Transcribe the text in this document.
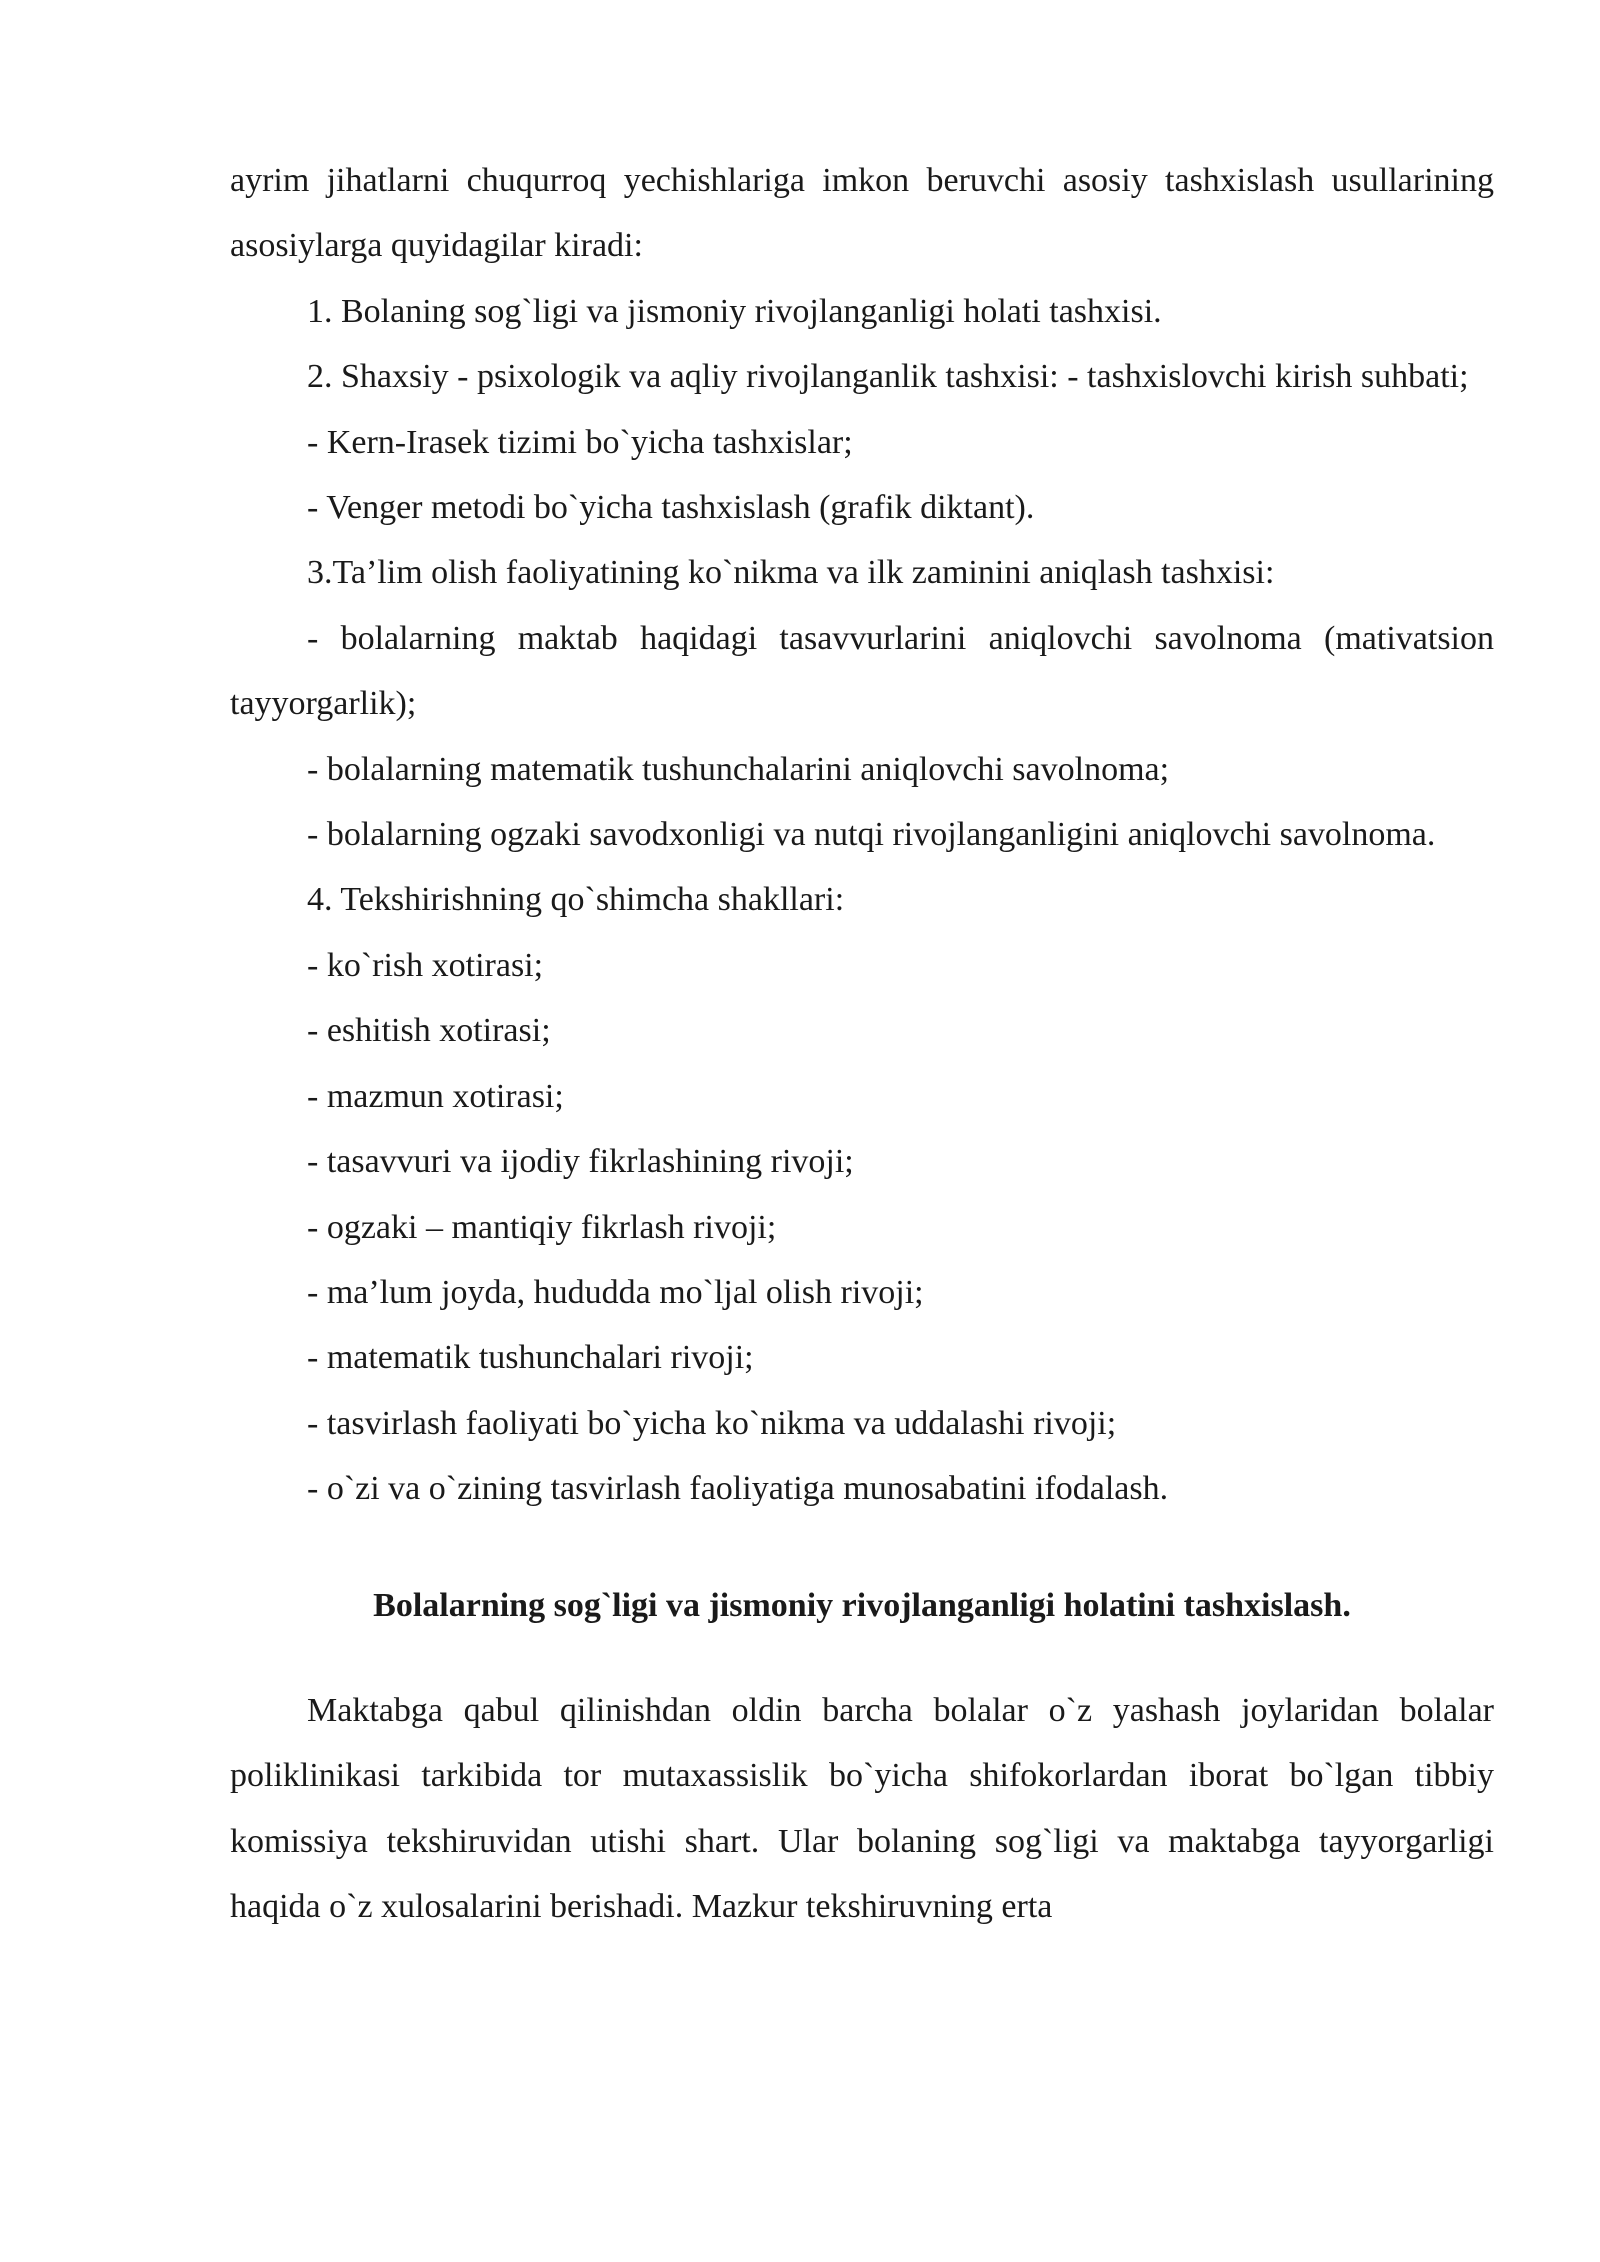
ayrim jihatlarni chuqurroq yechishlariga imkon beruvchi asosiy tashxislash usullarining asosiylarga quyidagilar kiradi:

1. Bolaning sog`ligi va jismoniy rivojlanganligi holati tashxisi.

2. Shaxsiy - psixologik va aqliy rivojlanganlik tashxisi: - tashxislovchi kirish suhbati;

- Kern-Irasek tizimi bo`yicha tashxislar;

- Venger metodi bo`yicha tashxislash (grafik diktant).

3.Ta’lim olish faoliyatining ko`nikma va ilk zaminini aniqlash tashxisi:

- bolalarning maktab haqidagi tasavvurlarini aniqlovchi savolnoma (mativatsion tayyorgarlik);

- bolalarning matematik tushunchalarini aniqlovchi savolnoma;

- bolalarning ogzaki savodxonligi va nutqi rivojlanganligini aniqlovchi savolnoma.

4. Tekshirishning qo`shimcha shakllari:

- ko`rish xotirasi;

- eshitish xotirasi;

- mazmun xotirasi;

- tasavvuri va ijodiy fikrlashining rivoji;

- ogzaki – mantiqiy fikrlash rivoji;

- ma’lum joyda, hududda mo`ljal olish rivoji;

- matematik tushunchalari rivoji;

- tasvirlash faoliyati bo`yicha ko`nikma va uddalashi rivoji;

- o`zi va o`zining tasvirlash faoliyatiga munosabatini ifodalash.

Bolalarning sog`ligi va jismoniy rivojlanganligi holatini tashxislash.

Maktabga qabul qilinishdan oldin barcha bolalar o`z yashash joylaridan bolalar poliklinikasi tarkibida tor mutaxassislik bo`yicha shifokorlardan iborat bo`lgan tibbiy komissiya tekshiruvidan utishi shart. Ular bolaning sog`ligi va maktabga tayyorgarligi haqida o`z xulosalarini berishadi. Mazkur tekshiruvning erta
